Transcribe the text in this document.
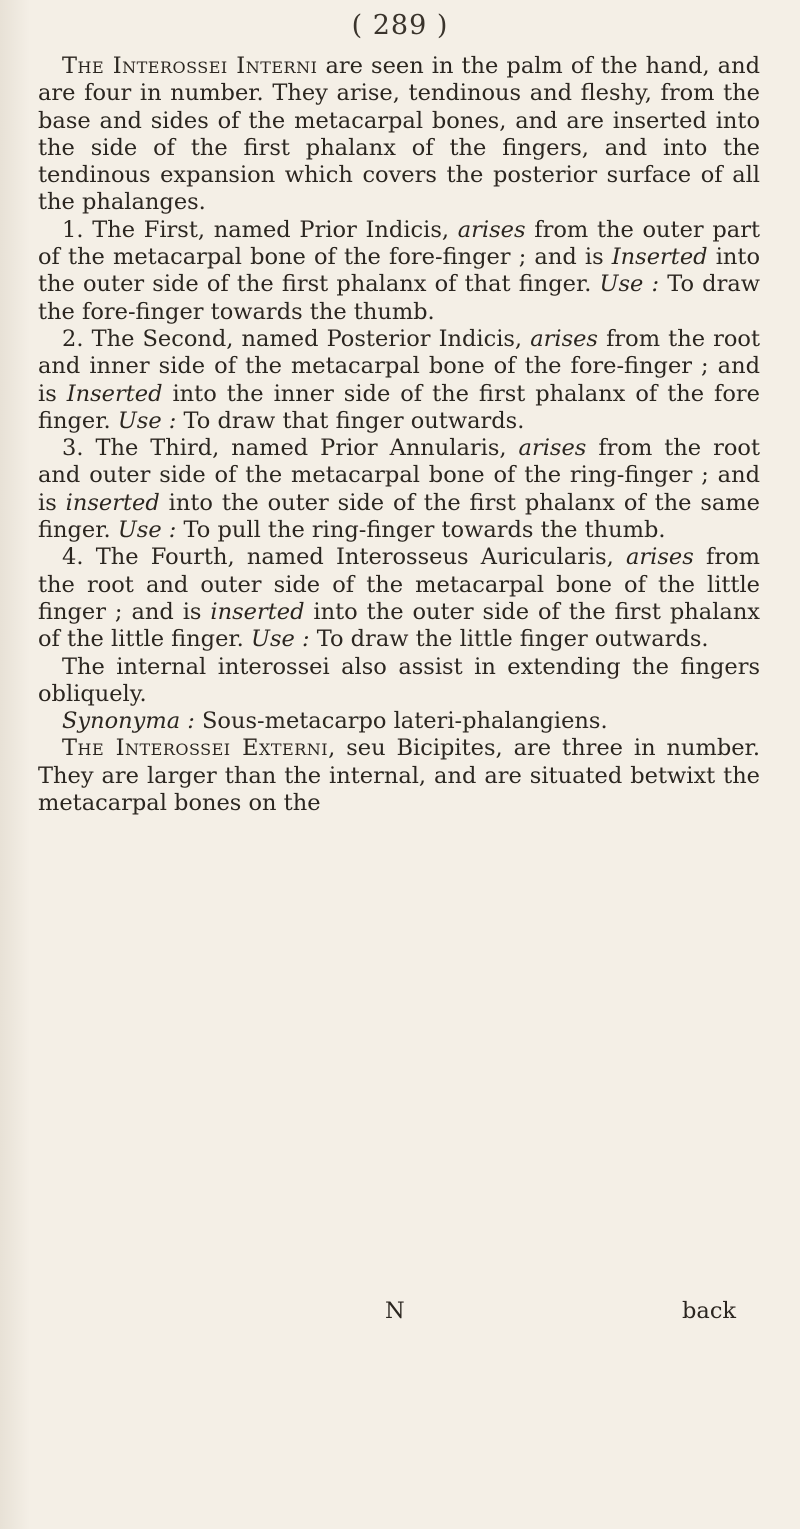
( 289 )

The Interossei Interni are seen in the palm of the hand, and are four in number. They arise, tendinous and fleshy, from the base and sides of the metacarpal bones, and are inserted into the side of the first phalanx of the fingers, and into the tendinous expansion which covers the posterior surface of all the phalanges.

1. The First, named Prior Indicis, arises from the outer part of the metacarpal bone of the fore-finger ; and is Inserted into the outer side of the first phalanx of that finger. Use : To draw the fore-finger towards the thumb.

2. The Second, named Posterior Indicis, arises from the root and inner side of the metacarpal bone of the fore-finger ; and is Inserted into the inner side of the first phalanx of the fore finger. Use : To draw that finger outwards.

3. The Third, named Prior Annularis, arises from the root and outer side of the metacarpal bone of the ring-finger ; and is inserted into the outer side of the first phalanx of the same finger. Use : To pull the ring-finger towards the thumb.

4. The Fourth, named Interosseus Auricularis, arises from the root and outer side of the metacarpal bone of the little finger ; and is inserted into the outer side of the first phalanx of the little finger. Use : To draw the little finger outwards.

The internal interossei also assist in extending the fingers obliquely.

Synonyma : Sous-metacarpo lateri-phalangiens.

The Interossei Externi, seu Bicipites, are three in number. They are larger than the internal, and are situated betwixt the metacarpal bones on the

N	back
